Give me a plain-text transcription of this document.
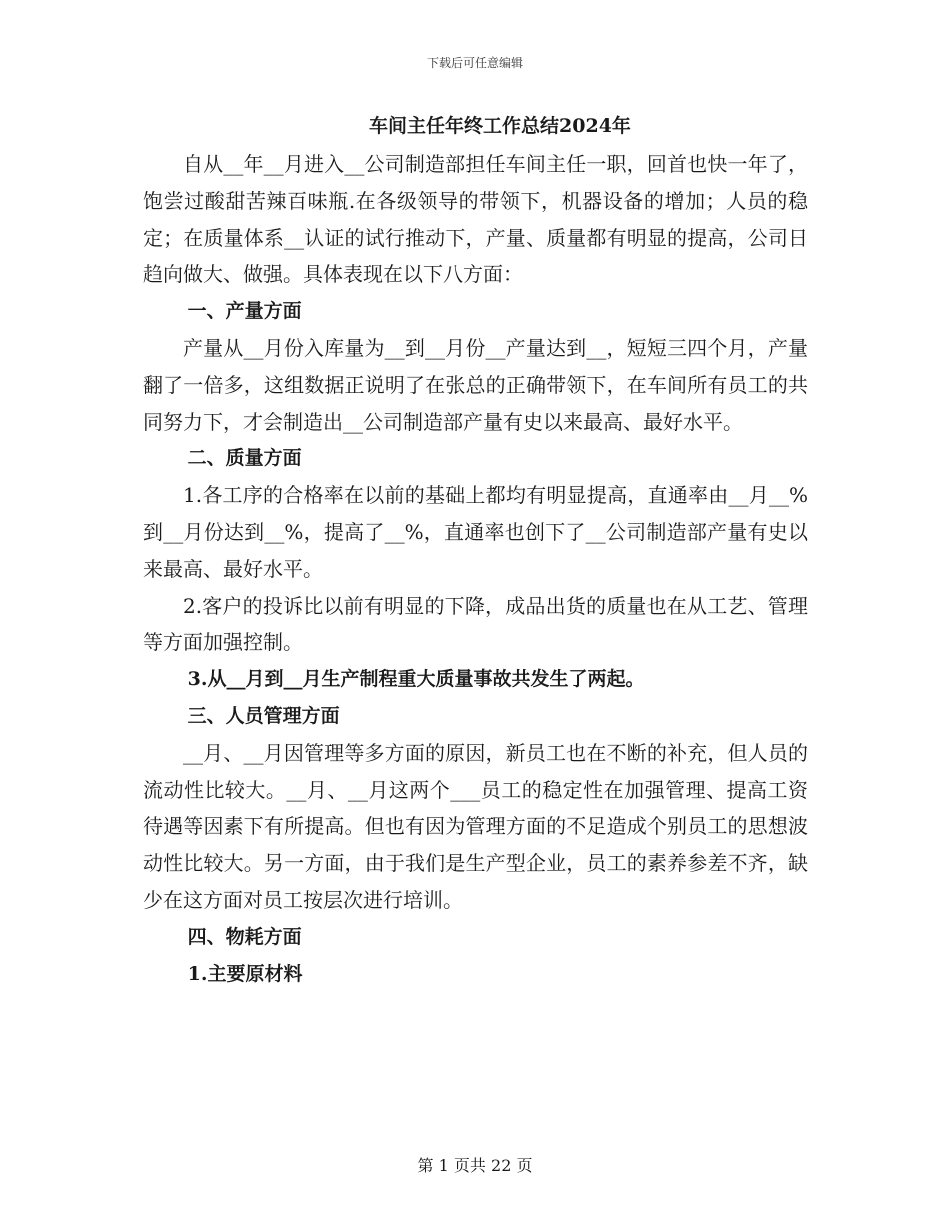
下载后可任意编辑
车间主任年终工作总结2024年

自从__年__月进入__公司制造部担任车间主任一职，回首也快一年了，饱尝过酸甜苦辣百味瓶.在各级领导的带领下，机器设备的增加；人员的稳定；在质量体系__认证的试行推动下，产量、质量都有明显的提高，公司日趋向做大、做强。具体表现在以下八方面：

一、产量方面

产量从__月份入库量为__到__月份__产量达到__，短短三四个月，产量翻了一倍多，这组数据正说明了在张总的正确带领下，在车间所有员工的共同努力下，才会制造出__公司制造部产量有史以来最高、最好水平。

二、质量方面

1.各工序的合格率在以前的基础上都均有明显提高，直通率由__月__%到__月份达到__%，提高了__%，直通率也创下了__公司制造部产量有史以来最高、最好水平。

2.客户的投诉比以前有明显的下降，成品出货的质量也在从工艺、管理等方面加强控制。

3.从__月到__月生产制程重大质量事故共发生了两起。

三、人员管理方面

__月、__月因管理等多方面的原因，新员工也在不断的补充，但人员的流动性比较大。__月、__月这两个___员工的稳定性在加强管理、提高工资待遇等因素下有所提高。但也有因为管理方面的不足造成个别员工的思想波动性比较大。另一方面，由于我们是生产型企业，员工的素养参差不齐，缺少在这方面对员工按层次进行培训。

四、物耗方面

1.主要原材料

第 1 页共 22 页
